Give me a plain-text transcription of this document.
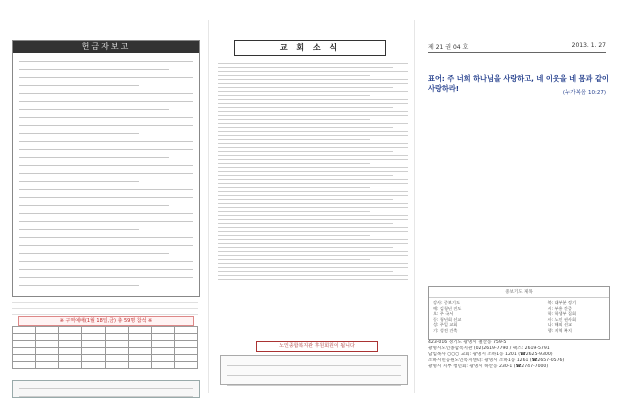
헌금자보고
※ 구역예배(1월 18일,금) 총 59명 참석 ※

교 회 소 식
노인종합복지관 후원회원이 됩니다
제 21 권 04 호	2013. 1. 27
표어: 주 너희 하나님을 사랑하고, 네 이웃을 네 몸과 같이 사랑하라!	(누가복음 10:27)
중보기도 제목
강사: 중보기도	북: 대부분 정기
예: 김청년 진도	시: 부흥 간증
오: 주 국서	학: 학생부 집회
동: 청년회 선교	사: 노인 권사회
성: 주일 교회	나: 해외 선교
기: 성전 건축	행: 지역 복지
423-016 경기도 광명시 철산동 759-5
광명시노인종합복지관 (02)2619-7790 / 팩스: 2619-5791
담임목사 ○○○ 교회: 광명시 소하1동 1201 (☎2625-9300)
소하시민공원노인복지센터: 광명시 소하1동 1261 (☎2657-0576)
광명시 지부 청년회: 광명시 하안동 230-1 (☎2747-7000)
